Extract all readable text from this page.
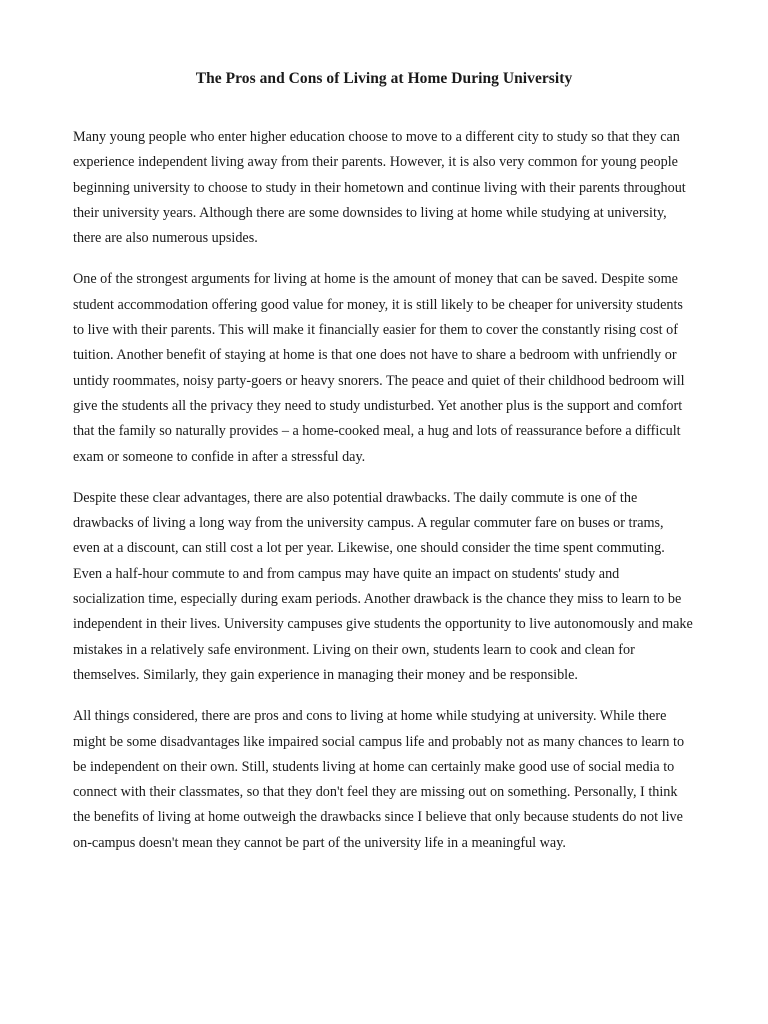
The Pros and Cons of Living at Home During University

Many young people who enter higher education choose to move to a different city to study so that they can experience independent living away from their parents. However, it is also very common for young people beginning university to choose to study in their hometown and continue living with their parents throughout their university years. Although there are some downsides to living at home while studying at university, there are also numerous upsides.

One of the strongest arguments for living at home is the amount of money that can be saved. Despite some student accommodation offering good value for money, it is still likely to be cheaper for university students to live with their parents. This will make it financially easier for them to cover the constantly rising cost of tuition. Another benefit of staying at home is that one does not have to share a bedroom with unfriendly or untidy roommates, noisy party-goers or heavy snorers. The peace and quiet of their childhood bedroom will give the students all the privacy they need to study undisturbed. Yet another plus is the support and comfort that the family so naturally provides – a home-cooked meal, a hug and lots of reassurance before a difficult exam or someone to confide in after a stressful day.

Despite these clear advantages, there are also potential drawbacks. The daily commute is one of the drawbacks of living a long way from the university campus. A regular commuter fare on buses or trams, even at a discount, can still cost a lot per year. Likewise, one should consider the time spent commuting. Even a half-hour commute to and from campus may have quite an impact on students' study and socialization time, especially during exam periods. Another drawback is the chance they miss to learn to be independent in their lives. University campuses give students the opportunity to live autonomously and make mistakes in a relatively safe environment. Living on their own, students learn to cook and clean for themselves. Similarly, they gain experience in managing their money and be responsible.

All things considered, there are pros and cons to living at home while studying at university. While there might be some disadvantages like impaired social campus life and probably not as many chances to learn to be independent on their own. Still, students living at home can certainly make good use of social media to connect with their classmates, so that they don't feel they are missing out on something. Personally, I think the benefits of living at home outweigh the drawbacks since I believe that only because students do not live on-campus doesn't mean they cannot be part of the university life in a meaningful way.
